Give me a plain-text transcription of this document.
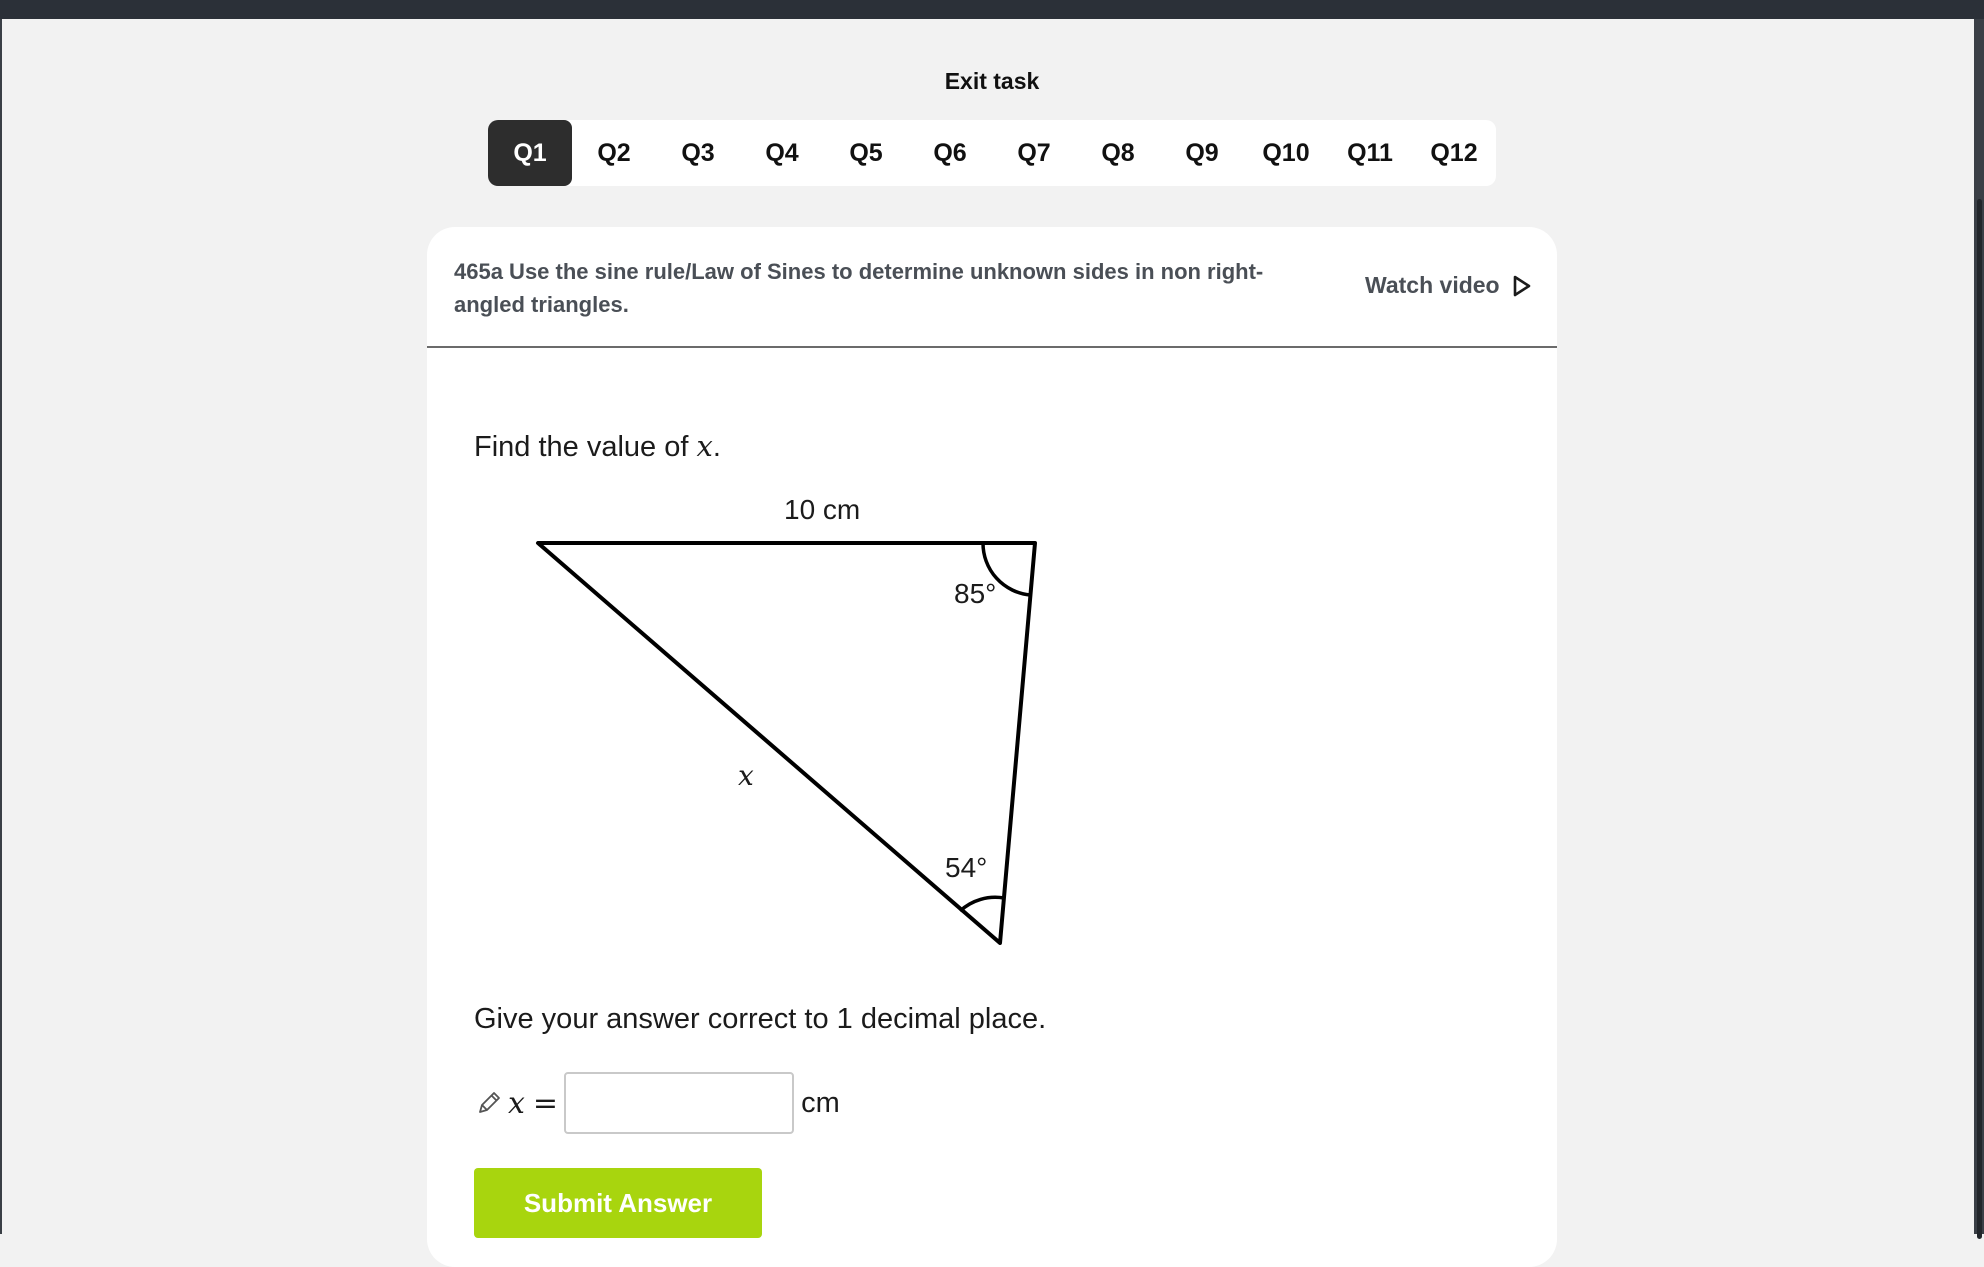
Exit task
Q1	Q2	Q3	Q4	Q5	Q6	Q7	Q8	Q9	Q10	Q11	Q12
465a Use the sine rule/Law of Sines to determine unknown sides in non right-angled triangles.
Watch video
Find the value of x.
10 cm
x
85°
54°
Give your answer correct to 1 decimal place.
x =	cm
Submit Answer
